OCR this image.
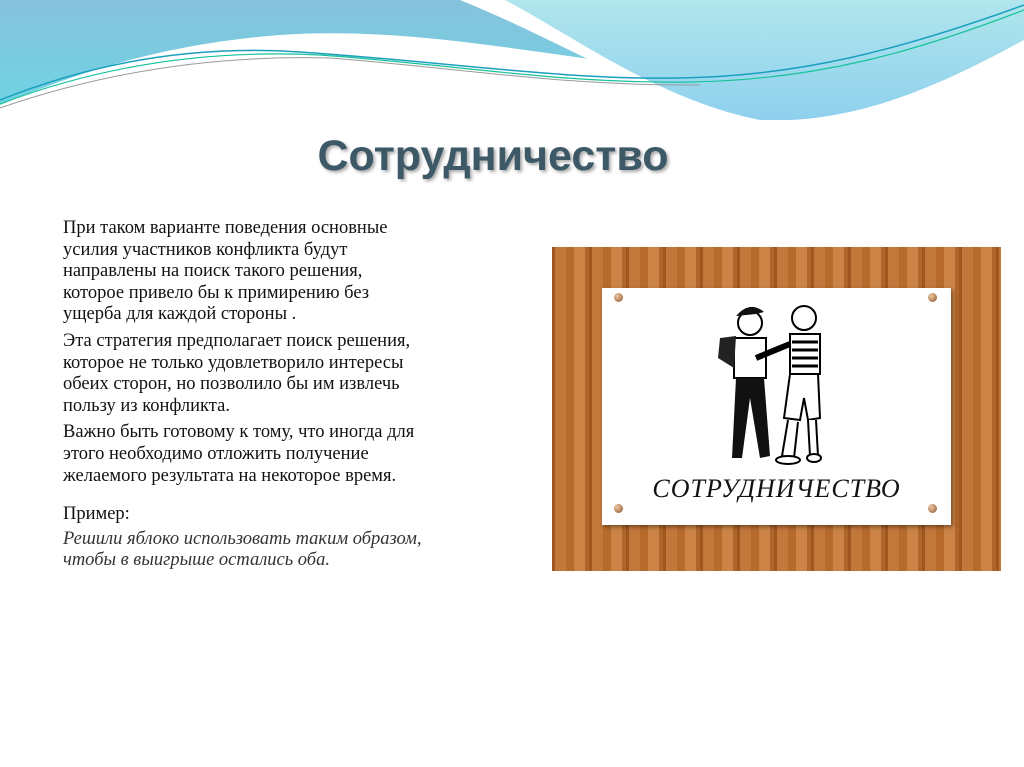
Сотрудничество
При таком варианте поведения основные
усилия участников конфликта будут
направлены на поиск такого решения,
которое привело бы к примирению без
ущерба для каждой стороны .
Эта стратегия предполагает поиск решения,
которое не только удовлетворило интересы
обеих сторон, но позволило бы им извлечь
пользу из конфликта.
Важно быть готовому к тому, что иногда для
этого необходимо отложить получение
желаемого результата на некоторое время.
Пример:
Решили яблоко использовать таким образом,
чтобы в выигрыше остались оба.
СОТРУДНИЧЕСТВО
